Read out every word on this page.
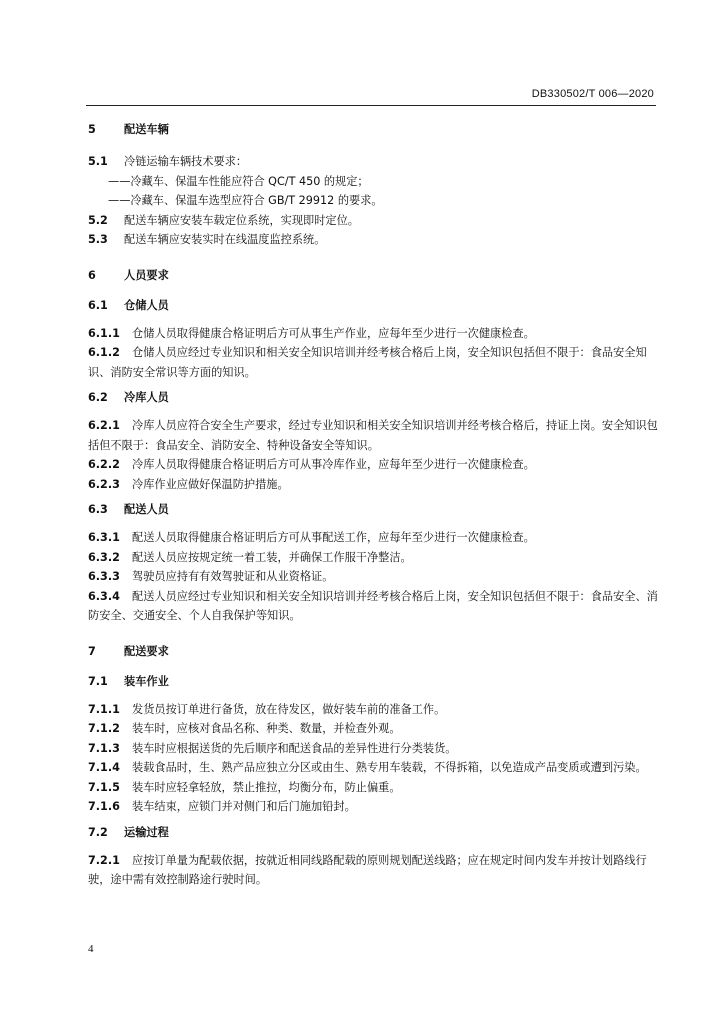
DB330502/T 006—2020
5	配送车辆

5.1 冷链运输车辆技术要求：

——冷藏车、保温车性能应符合 QC/T 450 的规定；

——冷藏车、保温车选型应符合 GB/T 29912 的要求。

5.2 配送车辆应安装车载定位系统，实现即时定位。

5.3 配送车辆应安装实时在线温度监控系统。

6	人员要求
6.1 仓储人员

6.1.1 仓储人员取得健康合格证明后方可从事生产作业，应每年至少进行一次健康检查。

6.1.2 仓储人员应经过专业知识和相关安全知识培训并经考核合格后上岗，安全知识包括但不限于：食品安全知识、消防安全常识等方面的知识。

6.2 冷库人员

6.2.1 冷库人员应符合安全生产要求，经过专业知识和相关安全知识培训并经考核合格后，持证上岗。安全知识包括但不限于：食品安全、消防安全、特种设备安全等知识。

6.2.2 冷库人员取得健康合格证明后方可从事冷库作业，应每年至少进行一次健康检查。

6.2.3 冷库作业应做好保温防护措施。

6.3 配送人员

6.3.1 配送人员取得健康合格证明后方可从事配送工作，应每年至少进行一次健康检查。

6.3.2 配送人员应按规定统一着工装，并确保工作服干净整洁。

6.3.3 驾驶员应持有有效驾驶证和从业资格证。

6.3.4 配送人员应经过专业知识和相关安全知识培训并经考核合格后上岗，安全知识包括但不限于：食品安全、消防安全、交通安全、个人自我保护等知识。

7	配送要求
7.1 装车作业

7.1.1 发货员按订单进行备货，放在待发区，做好装车前的准备工作。

7.1.2 装车时，应核对食品名称、种类、数量，并检查外观。

7.1.3 装车时应根据送货的先后顺序和配送食品的差异性进行分类装货。

7.1.4 装载食品时，生、熟产品应独立分区或由生、熟专用车装载，不得拆箱，以免造成产品变质或遭到污染。

7.1.5 装车时应轻拿轻放，禁止推拉，均衡分布，防止偏重。

7.1.6 装车结束，应锁门并对侧门和后门施加铅封。

7.2 运输过程

7.2.1 应按订单量为配载依据，按就近相同线路配载的原则规划配送线路；应在规定时间内发车并按计划路线行驶，途中需有效控制路途行驶时间。

4
